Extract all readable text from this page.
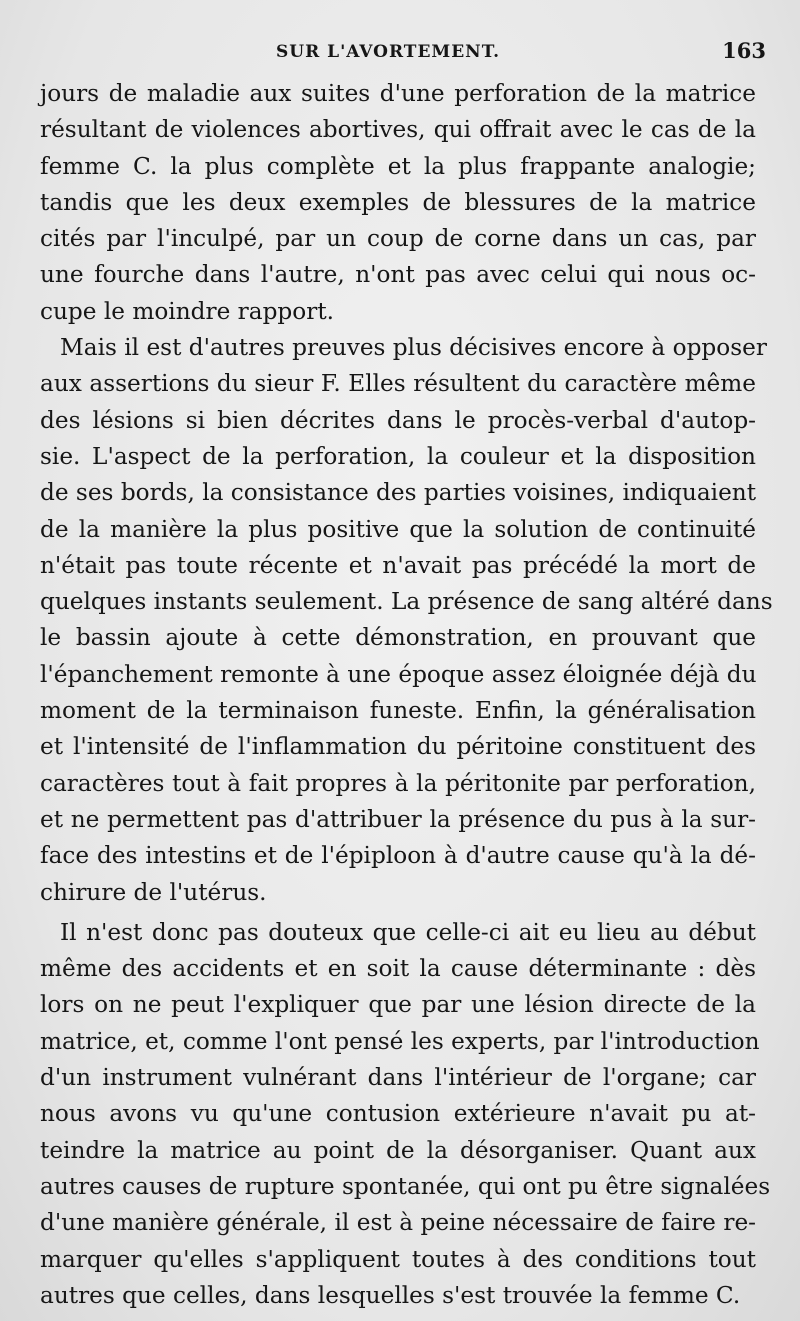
SUR L'AVORTEMENT.	163
jours de maladie aux suites d'une perforation de la matrice
résultant de violences abortives, qui offrait avec le cas de la
femme C. la plus complète et la plus frappante analogie;
tandis que les deux exemples de blessures de la matrice
cités par l'inculpé, par un coup de corne dans un cas, par
une fourche dans l'autre, n'ont pas avec celui qui nous oc-
cupe le moindre rapport.
Mais il est d'autres preuves plus décisives encore à opposer
aux assertions du sieur F. Elles résultent du caractère même
des lésions si bien décrites dans le procès-verbal d'autop-
sie. L'aspect de la perforation, la couleur et la disposition
de ses bords, la consistance des parties voisines, indiquaient
de la manière la plus positive que la solution de continuité
n'était pas toute récente et n'avait pas précédé la mort de
quelques instants seulement. La présence de sang altéré dans
le bassin ajoute à cette démonstration, en prouvant que
l'épanchement remonte à une époque assez éloignée déjà du
moment de la terminaison funeste. Enfin, la généralisation
et l'intensité de l'inflammation du péritoine constituent des
caractères tout à fait propres à la péritonite par perforation,
et ne permettent pas d'attribuer la présence du pus à la sur-
face des intestins et de l'épiploon à d'autre cause qu'à la dé-
chirure de l'utérus.
Il n'est donc pas douteux que celle-ci ait eu lieu au début
même des accidents et en soit la cause déterminante : dès
lors on ne peut l'expliquer que par une lésion directe de la
matrice, et, comme l'ont pensé les experts, par l'introduction
d'un instrument vulnérant dans l'intérieur de l'organe; car
nous avons vu qu'une contusion extérieure n'avait pu at-
teindre la matrice au point de la désorganiser. Quant aux
autres causes de rupture spontanée, qui ont pu être signalées
d'une manière générale, il est à peine nécessaire de faire re-
marquer qu'elles s'appliquent toutes à des conditions tout
autres que celles, dans lesquelles s'est trouvée la femme C.
